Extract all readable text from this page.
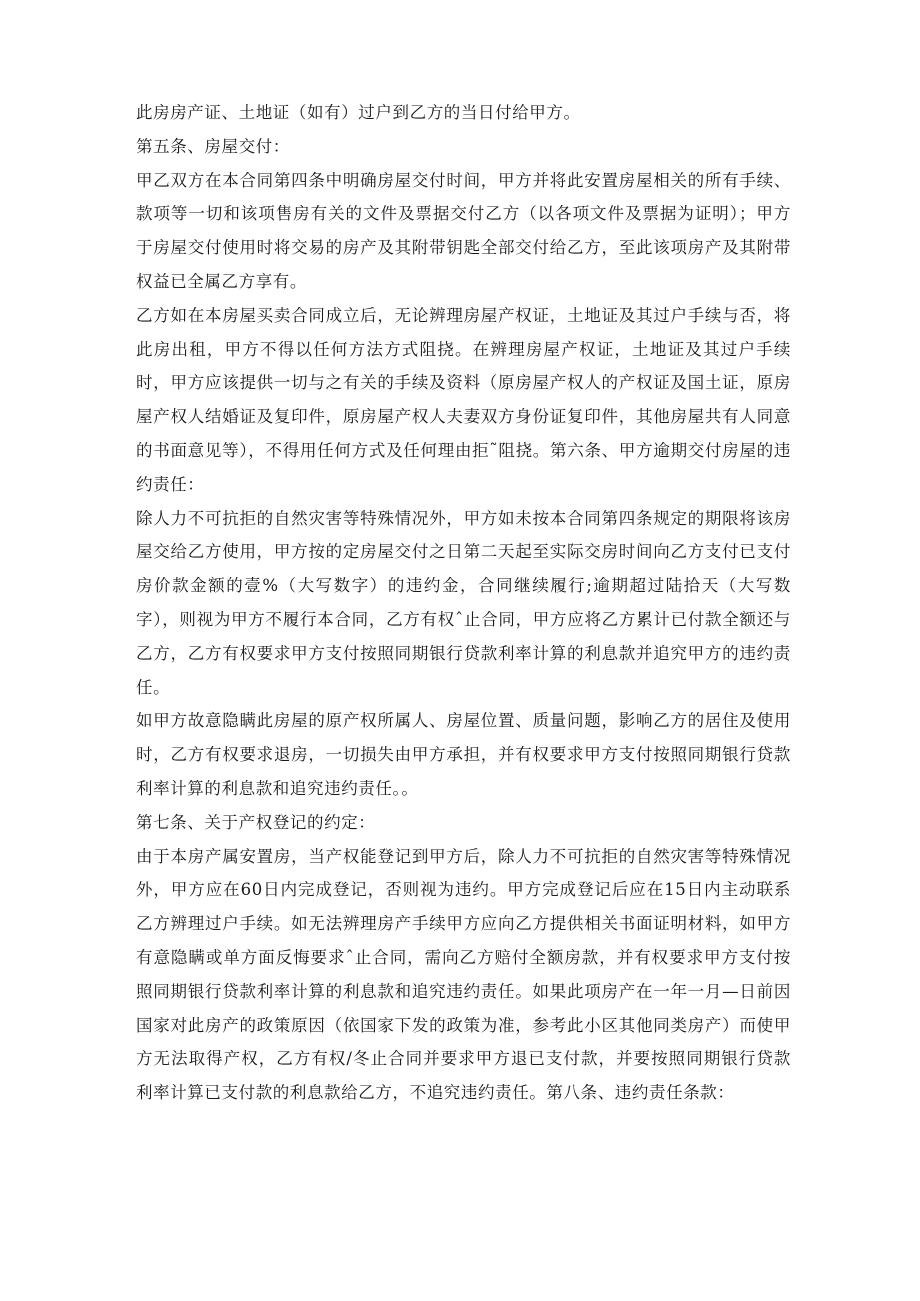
此房房产证、土地证（如有）过户到乙方的当日付给甲方。

第五条、房屋交付：

甲乙双方在本合同第四条中明确房屋交付时间，甲方并将此安置房屋相关的所有手续、款项等一切和该项售房有关的文件及票据交付乙方（以各项文件及票据为证明）；甲方于房屋交付使用时将交易的房产及其附带钥匙全部交付给乙方，至此该项房产及其附带权益已全属乙方享有。

乙方如在本房屋买卖合同成立后，无论辨理房屋产权证，土地证及其过户手续与否，将此房出租，甲方不得以任何方法方式阻挠。在辨理房屋产权证，土地证及其过户手续时，甲方应该提供一切与之有关的手续及资料（原房屋产权人的产权证及国土证，原房屋产权人结婚证及复印件，原房屋产权人夫妻双方身份证复印件，其他房屋共有人同意的书面意见等），不得用任何方式及任何理由拒˜阻挠。第六条、甲方逾期交付房屋的违约责任：

除人力不可抗拒的自然灾害等特殊情况外，甲方如未按本合同第四条规定的期限将该房屋交给乙方使用，甲方按的定房屋交付之日第二天起至实际交房时间向乙方支付已支付房价款金额的壹%（大写数字）的违约金，合同继续履行;逾期超过陆拾天（大写数字），则视为甲方不履行本合同，乙方有权ˆ止合同，甲方应将乙方累计已付款全额还与乙方，乙方有权要求甲方支付按照同期银行贷款利率计算的利息款并追究甲方的违约责任。

如甲方故意隐瞒此房屋的原产权所属人、房屋位置、质量问题，影响乙方的居住及使用时，乙方有权要求退房，一切损失由甲方承担，并有权要求甲方支付按照同期银行贷款利率计算的利息款和追究违约责任。。

第七条、关于产权登记的约定：

由于本房产属安置房，当产权能登记到甲方后，除人力不可抗拒的自然灾害等特殊情况外，甲方应在60日内完成登记，否则视为违约。甲方完成登记后应在15日内主动联系乙方辨理过户手续。如无法辨理房产手续甲方应向乙方提供相关书面证明材料，如甲方有意隐瞒或单方面反悔要求ˆ止合同，需向乙方赔付全额房款，并有权要求甲方支付按照同期银行贷款利率计算的利息款和追究违约责任。如果此项房产在一年一月—日前因国家对此房产的政策原因（依国家下发的政策为准，参考此小区其他同类房产）而使甲方无法取得产权，乙方有权/冬止合同并要求甲方退已支付款，并要按照同期银行贷款利率计算已支付款的利息款给乙方，不追究违约责任。第八条、违约责任条款：
